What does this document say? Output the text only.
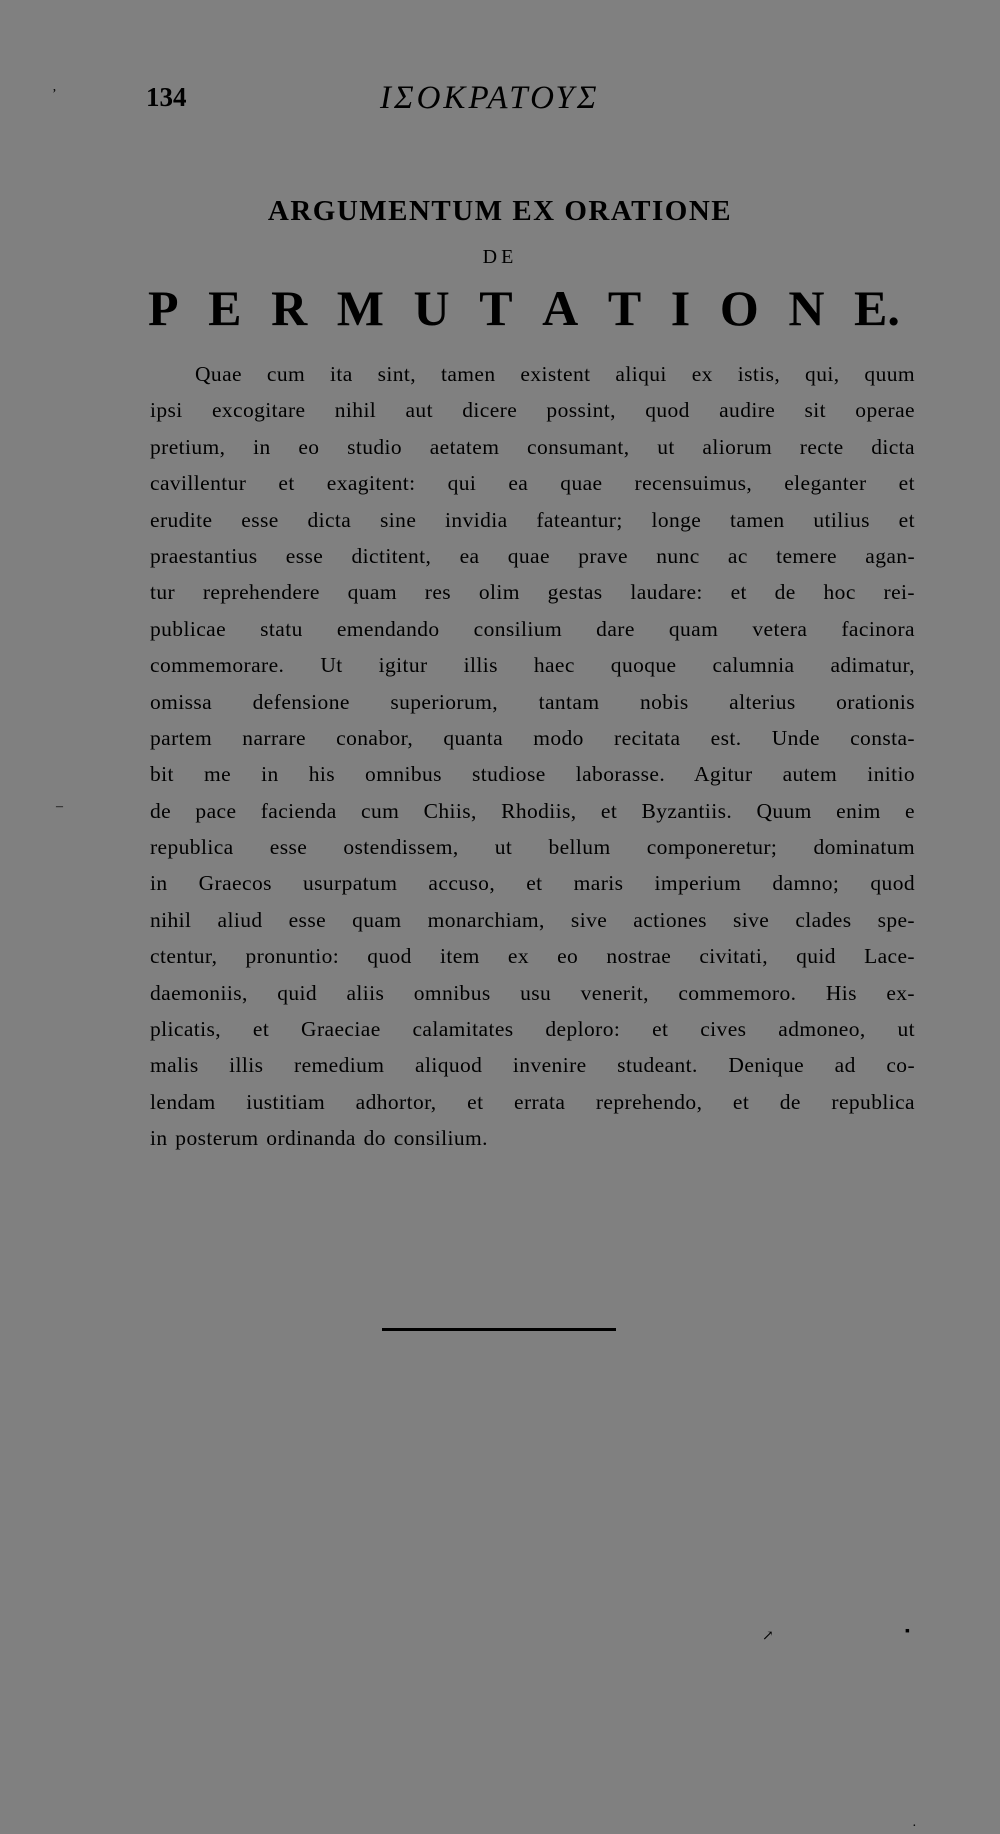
134	ΙΣΟΚΡΑΤΟΥΣ
ARGUMENTUM EX ORATIONE
DE
P E R M U T A T I O N E.
Quae cum ita sint, tamen existent aliqui ex istis, qui, quum
ipsi excogitare nihil aut dicere possint, quod audire sit operae
pretium, in eo studio aetatem consumant, ut aliorum recte dicta
cavillentur et exagitent: qui ea quae recensuimus, eleganter et
erudite esse dicta sine invidia fateantur; longe tamen utilius et
praestantius esse dictitent, ea quae prave nunc ac temere agan-
tur reprehendere quam res olim gestas laudare: et de hoc rei-
publicae statu emendando consilium dare quam vetera facinora
commemorare. Ut igitur illis haec quoque calumnia adimatur,
omissa defensione superiorum, tantam nobis alterius orationis
partem narrare conabor, quanta modo recitata est. Unde consta-
bit me in his omnibus studiose laborasse. Agitur autem initio
de pace facienda cum Chiis, Rhodiis, et Byzantiis. Quum enim e
republica esse ostendissem, ut bellum componeretur; dominatum
in Graecos usurpatum accuso, et maris imperium damno; quod
nihil aliud esse quam monarchiam, sive actiones sive clades spe-
ctentur, pronuntio: quod item ex eo nostrae civitati, quid Lace-
daemoniis, quid aliis omnibus usu venerit, commemoro. His ex-
plicatis, et Graeciae calamitates deploro: et cives admoneo, ut
malis illis remedium aliquod invenire studeant. Denique ad co-
lendam iustitiam adhortor, et errata reprehendo, et de republica
in posterum ordinanda do consilium.
ʼ
–
·
▪
↗
